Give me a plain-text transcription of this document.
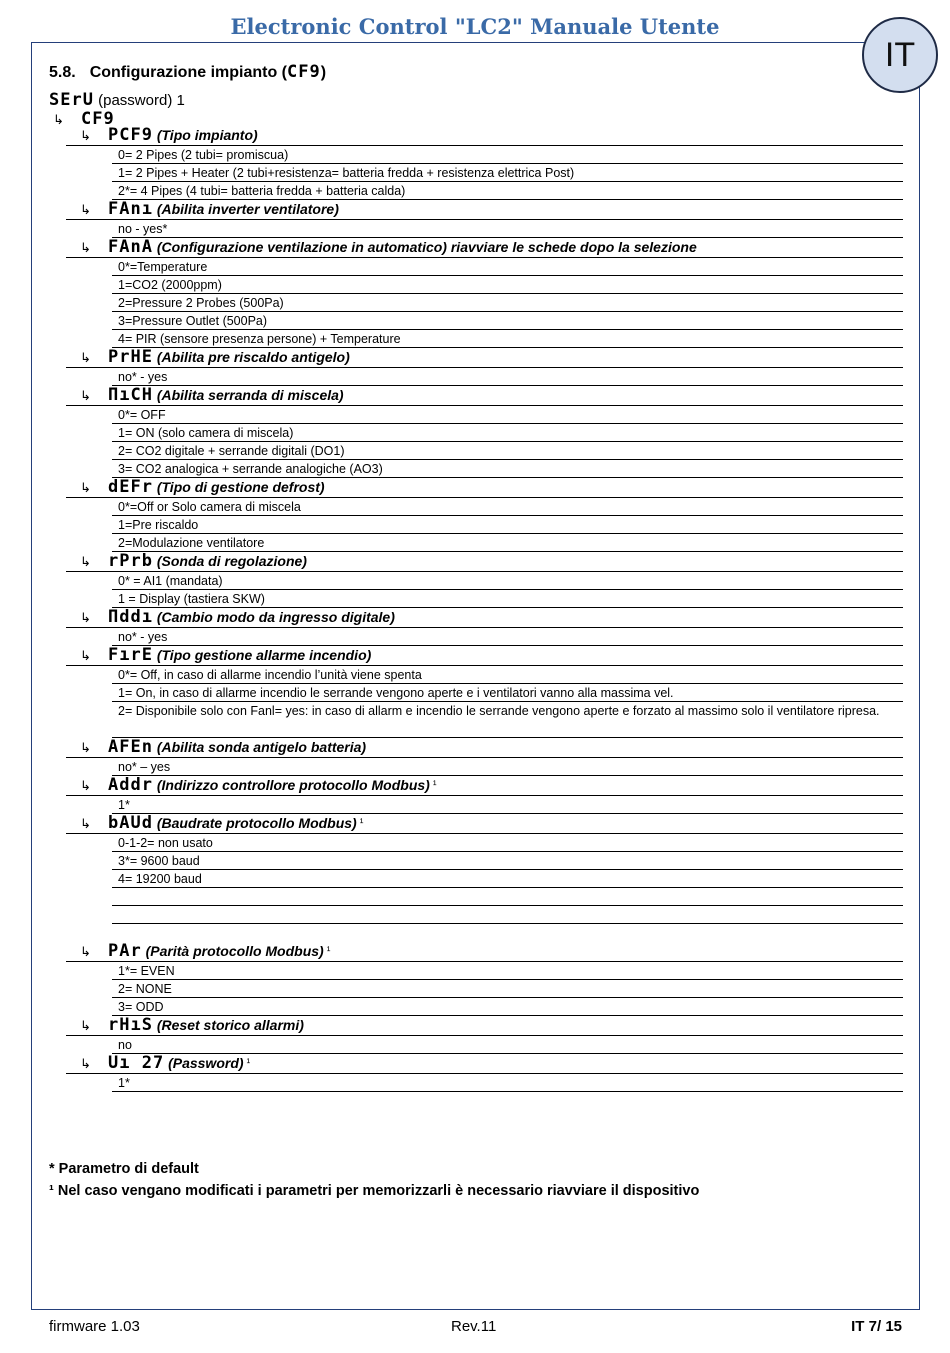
Electronic Control "LC2" Manuale Utente
IT
5.8. Configurazione impianto (CF9)
SErU (password) 1
↳ CF9
↳ PCF9 (Tipo impianto)
0= 2 Pipes (2 tubi= promiscua)
1= 2 Pipes + Heater (2 tubi+resistenza= batteria fredda + resistenza elettrica Post)
2*= 4 Pipes (4 tubi= batteria fredda + batteria calda)
↳ FAnı (Abilita inverter ventilatore)
no - yes*
↳ FAnA (Configurazione ventilazione in automatico) riavviare le schede dopo la selezione
0*=Temperature
1=CO2 (2000ppm)
2=Pressure 2 Probes (500Pa)
3=Pressure Outlet (500Pa)
4= PIR (sensore presenza persone) + Temperature
↳ PrHE (Abilita pre riscaldo antigelo)
no* - yes
↳ ΠıCH (Abilita serranda di miscela)
0*= OFF
1= ON (solo camera di miscela)
2= CO2 digitale + serrande digitali (DO1)
3= CO2 analogica + serrande analogiche (AO3)
↳ dEFr (Tipo di gestione defrost)
0*=Off or Solo camera di miscela
1=Pre riscaldo
2=Modulazione ventilatore
↳ rPrb (Sonda di regolazione)
0* = AI1 (mandata)
1 = Display (tastiera SKW)
↳ Πddı (Cambio modo da ingresso digitale)
no* - yes
↳ FırE (Tipo gestione allarme incendio)
0*= Off, in caso di allarme incendio l’unità viene spenta
1= On, in caso di allarme incendio le serrande vengono aperte e i ventilatori vanno alla massima vel.
2= Disponibile solo con Fanl= yes: in caso di allarm e incendio le serrande vengono aperte e forzato al massimo solo il ventilatore ripresa.
↳ AFEn (Abilita sonda antigelo batteria)
no* – yes
↳ Addr (Indirizzo controllore protocollo Modbus) $^{^1}$
1*
↳ bAUd (Baudrate protocollo Modbus) $^{^1}$
0-1-2= non usato
3*= 9600 baud
4= 19200 baud
↳ PAr (Parità protocollo Modbus) $^{^1}$
1*= EVEN
2= NONE
3= ODD
↳ rHıS (Reset storico allarmi)
no
↳ Uı 27 (Password) $^{^1}$
1*
* Parametro di default
¹ Nel caso vengano modificati i parametri per memorizzarli è necessario riavviare il dispositivo
firmware 1.03	Rev.11	IT 7/ 15
